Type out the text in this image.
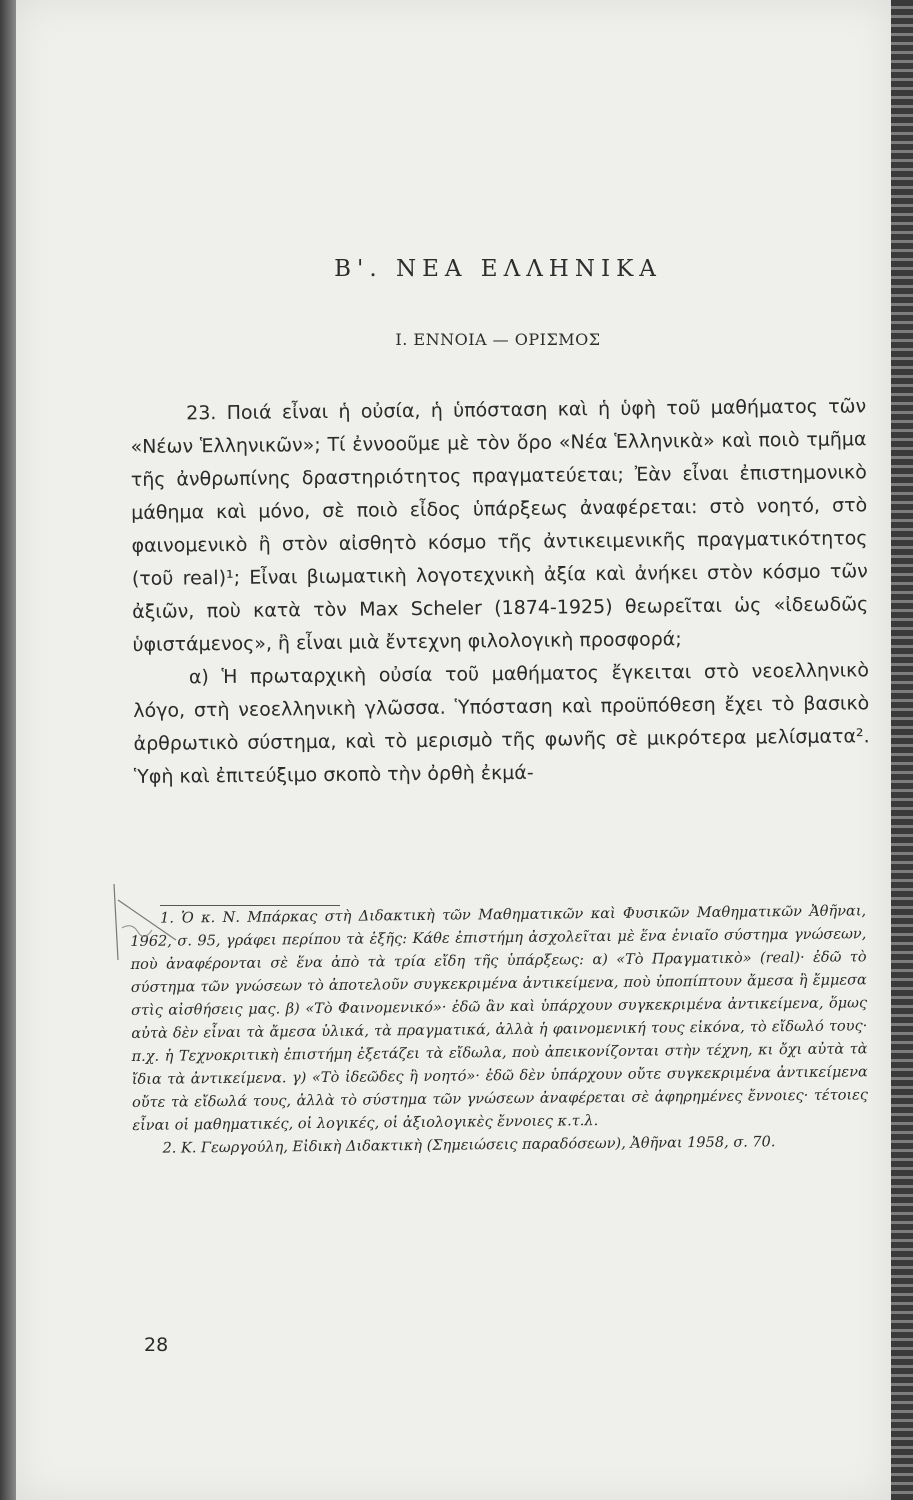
Β'. ΝΕΑ ΕΛΛΗΝΙΚΑ
Ι. ΕΝΝΟΙΑ — ΟΡΙΣΜΟΣ

23. Ποιά εἶναι ἡ οὐσία, ἡ ὑπόσταση καὶ ἡ ὑφὴ τοῦ μαθήματος τῶν «Νέων Ἑλληνικῶν»; Τί ἐννοοῦμε μὲ τὸν ὅρο «Νέα Ἑλληνικὰ» καὶ ποιὸ τμῆμα τῆς ἀνθρωπίνης δραστηριότητος πραγματεύεται; Ἐὰν εἶναι ἐπιστημονικὸ μάθημα καὶ μόνο, σὲ ποιὸ εἶδος ὑπάρξεως ἀναφέρεται: στὸ νοητό, στὸ φαινομενικὸ ἢ στὸν αἰσθητὸ κόσμο τῆς ἀντικειμενικῆς πραγματικότητος (τοῦ real)¹; Εἶναι βιωματικὴ λογοτεχνικὴ ἀξία καὶ ἀνήκει στὸν κόσμο τῶν ἀξιῶν, ποὺ κατὰ τὸν Max Scheler (1874-1925) θεωρεῖται ὡς «ἰδεωδῶς ὑφιστάμενος», ἢ εἶναι μιὰ ἔντεχνη φιλολογικὴ προσφορά;

α) Ἡ πρωταρχικὴ οὐσία τοῦ μαθήματος ἔγκειται στὸ νεοελληνικὸ λόγο, στὴ νεοελληνικὴ γλῶσσα. Ὑπόσταση καὶ προϋπόθεση ἔχει τὸ βασικὸ ἀρθρωτικὸ σύστημα, καὶ τὸ μερισμὸ τῆς φωνῆς σὲ μικρότερα μελίσματα². Ὑφὴ καὶ ἐπιτεύξιμο σκοπὸ τὴν ὀρθὴ ἐκμά-

1. Ὁ κ. Ν. Μπάρκας στὴ Διδακτικὴ τῶν Μαθηματικῶν καὶ Φυσικῶν Μαθηματικῶν Ἀθῆναι, 1962, σ. 95, γράφει περίπου τὰ ἑξῆς: Κάθε ἐπιστήμη ἀσχολεῖται μὲ ἕνα ἑνιαῖο σύστημα γνώσεων, ποὺ ἀναφέρονται σὲ ἕνα ἀπὸ τὰ τρία εἴδη τῆς ὑπάρξεως: α) «Τὸ Πραγματικὸ» (real)· ἐδῶ τὸ σύστημα τῶν γνώσεων τὸ ἀποτελοῦν συγκεκριμένα ἀντικείμενα, ποὺ ὑποπίπτουν ἄμεσα ἢ ἔμμεσα στὶς αἰσθήσεις μας. β) «Τὸ Φαινομενικό»· ἐδῶ ἂν καὶ ὑπάρχουν συγκεκριμένα ἀντικείμενα, ὅμως αὐτὰ δὲν εἶναι τὰ ἄμεσα ὑλικά, τὰ πραγματικά, ἀλλὰ ἡ φαινομενική τους εἰκόνα, τὸ εἴδωλό τους· π.χ. ἡ Τεχνοκριτικὴ ἐπιστήμη ἐξετάζει τὰ εἴδωλα, ποὺ ἀπεικονίζονται στὴν τέχνη, κι ὄχι αὐτὰ τὰ ἴδια τὰ ἀντικείμενα. γ) «Τὸ ἰδεῶδες ἢ νοητό»· ἐδῶ δὲν ὑπάρχουν οὔτε συγκεκριμένα ἀντικείμενα οὔτε τὰ εἴδωλά τους, ἀλλὰ τὸ σύστημα τῶν γνώσεων ἀναφέρεται σὲ ἀφηρημένες ἔννοιες· τέτοιες εἶναι οἱ μαθηματικές, οἱ λογικές, οἱ ἀξιολογικὲς ἔννοιες κ.τ.λ.

2. Κ. Γεωργούλη, Εἰδικὴ Διδακτικὴ (Σημειώσεις παραδόσεων), Ἀθῆναι 1958, σ. 70.

28
